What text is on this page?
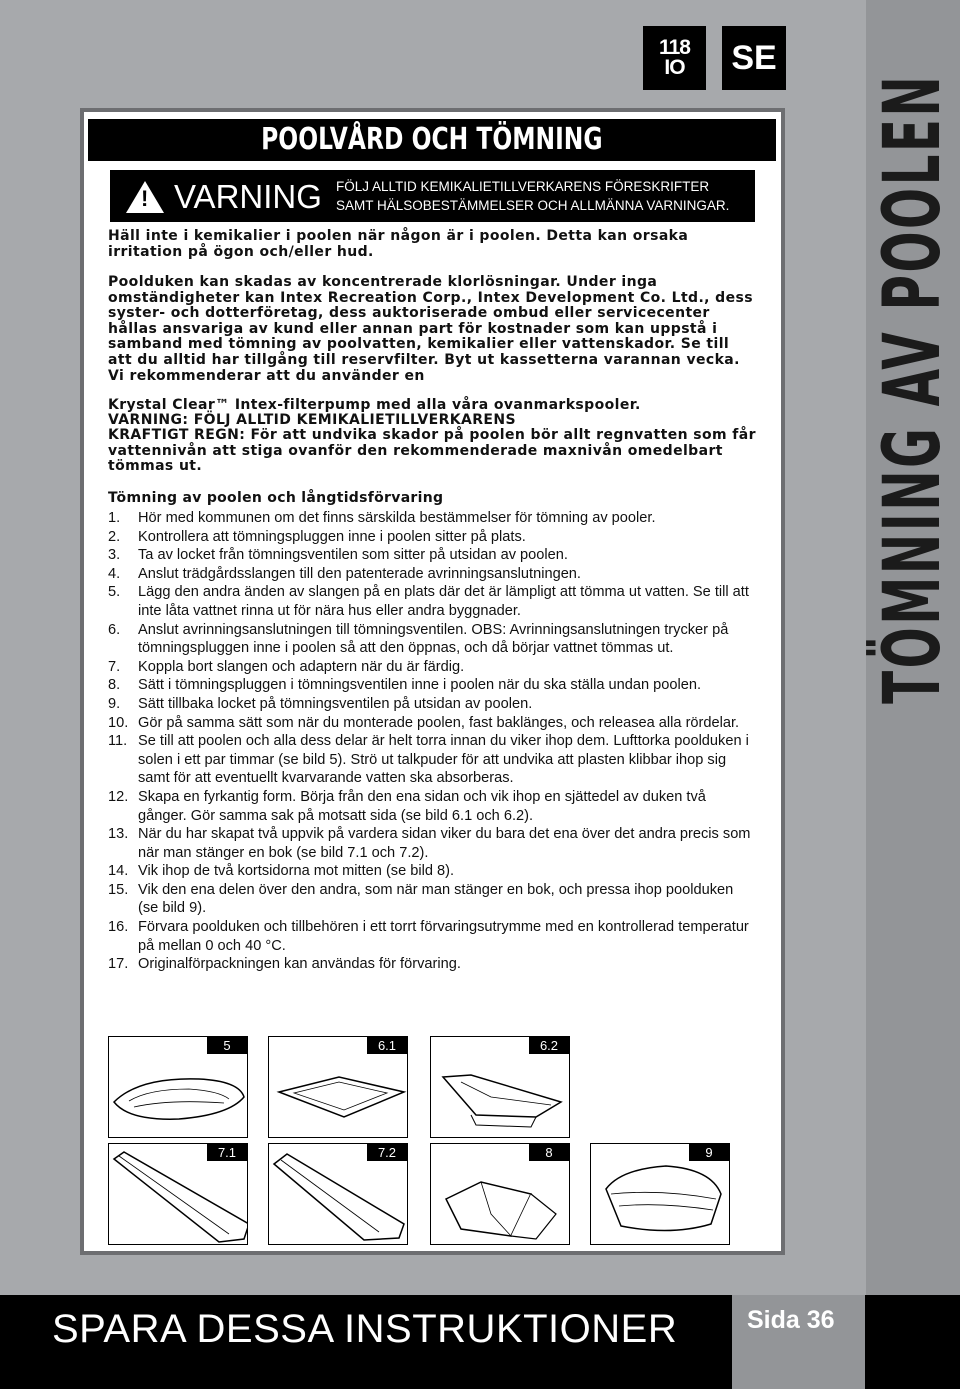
TÖMNING AV POOLEN
118
IO SE
POOLVÅRD OCH TÖMNING
!
VARNING FÖLJ ALLTID KEMIKALIETILLVERKARENS FÖRESKRIFTER
SAMT HÄLSOBESTÄMMELSER OCH ALLMÄNNA VARNINGAR.

Häll inte i kemikalier i poolen när någon är i poolen. Detta kan orsaka irritation på ögon och/eller hud.

Poolduken kan skadas av koncentrerade klorlösningar. Under inga omständigheter kan Intex Recreation Corp., Intex Development Co. Ltd., dess syster- och dotterföretag, dess auktoriserade ombud eller servicecenter hållas ansvariga av kund eller annan part för kostnader som kan uppstå i samband med tömning av poolvatten, kemikalier eller vattenskador. Se till att du alltid har tillgång till reservfilter. Byt ut kassetterna varannan vecka. Vi rekommenderar att du använder en

Krystal Clear™ Intex-filterpump med alla våra ovanmarkspooler.

VARNING: FÖLJ ALLTID KEMIKALIETILLVERKARENS

KRAFTIGT REGN: För att undvika skador på poolen bör allt regnvatten som får vattennivån att stiga ovanför den rekommenderade maxnivån omedelbart tömmas ut.

Tömning av poolen och långtidsförvaring
1. Hör med kommunen om det finns särskilda bestämmelser för tömning av pooler.
2. Kontrollera att tömningspluggen inne i poolen sitter på plats.
3. Ta av locket från tömningsventilen som sitter på utsidan av poolen.
4. Anslut trädgårdsslangen till den patenterade avrinningsanslutningen.
5. Lägg den andra änden av slangen på en plats där det är lämpligt att tömma ut vatten. Se till att inte låta vattnet rinna ut för nära hus eller andra byggnader.
6. Anslut avrinningsanslutningen till tömningsventilen. OBS: Avrinningsanslutningen trycker på tömningspluggen inne i poolen så att den öppnas, och då börjar vattnet tömmas ut.
7. Koppla bort slangen och adaptern när du är färdig.
8. Sätt i tömningspluggen i tömningsventilen inne i poolen när du ska ställa undan poolen.
9. Sätt tillbaka locket på tömningsventilen på utsidan av poolen.
10. Gör på samma sätt som när du monterade poolen, fast baklänges, och releasea alla rördelar.
11. Se till att poolen och alla dess delar är helt torra innan du viker ihop dem. Lufttorka poolduken i solen i ett par timmar (se bild 5). Strö ut talkpuder för att undvika att plasten klibbar ihop sig samt för att eventuellt kvarvarande vatten ska absorberas.
12. Skapa en fyrkantig form. Börja från den ena sidan och vik ihop en sjättedel av duken två gånger. Gör samma sak på motsatt sida (se bild 6.1 och 6.2).
13. När du har skapat två uppvik på vardera sidan viker du bara det ena över det andra precis som när man stänger en bok (se bild 7.1 och 7.2).
14. Vik ihop de två kortsidorna mot mitten (se bild 8).
15. Vik den ena delen över den andra, som när man stänger en bok, och pressa ihop poolduken (se bild 9).
16. Förvara poolduken och tillbehören i ett torrt förvaringsutrymme med en kontrollerad temperatur på mellan 0 och 40 °C.
17. Originalförpackningen kan användas för förvaring.
5	6.1	6.2
7.1	7.2	8	9
SPARA DESSA INSTRUKTIONER	Sida 36
